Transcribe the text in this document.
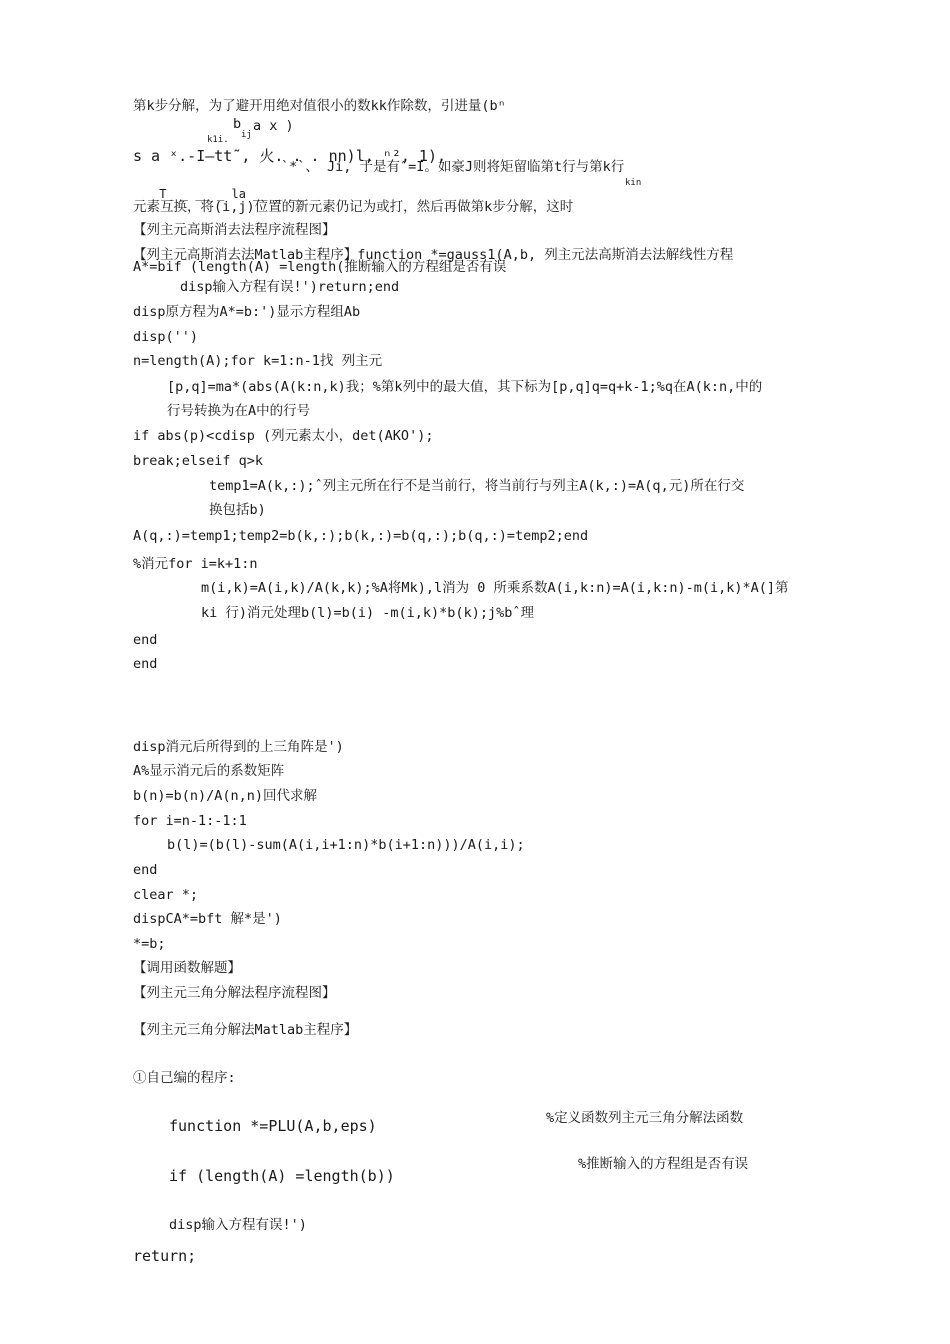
第k步分解，为了避开用绝对值很小的数kk作除数，引进量(bⁿ
k1i.
b
ij
a x )
s a ˣ.-I—tt˜, 火. . . nn)l, ⁿ², 1),
`*`、 Ji, 于是有″=I。如豪J则将矩留临第t行与第k行
kin
_T_ _ __ _ la __ _ __
元素互换，将(i,j)位置的新元素仍记为或打，然后再做第k步分解，这时
【列主元高斯消去法程序流程图】
【列主元高斯消去法Matlab主程序】function *=gauss1(A,b, 列主元法高斯消去法解线性方程
A*=bif (length(A) =length(推断输入的方程组是否有误
disp输入方程有误!')return;end
disp原方程为A*=b:')显示方程组Ab
disp('')
n=length(A);for k=1:n-1找 列主元
[p,q]=ma*(abs(A(k:n,k)我；%第k列中的最大值，其下标为[p,q]q=q+k-1;%q在A(k:n,中的
行号转换为在A中的行号
if abs(p)<cdisp (列元素太小，det(AKO');
break;elseif q>k
temp1=A(k,:);ˆ列主元所在行不是当前行，将当前行与列主A(k,:)=A(q,元)所在行交
换包括b)
A(q,:)=temp1;temp2=b(k,:);b(k,:)=b(q,:);b(q,:)=temp2;end
%消元for i=k+1:n
m(i,k)=A(i,k)/A(k,k);%A将Mk),l消为 0 所乘系数A(i,k:n)=A(i,k:n)-m(i,k)*A(]第
ki 行)消元处理b(l)=b(i) -m(i,k)*b(k);j%bˆ理
end
end
disp消元后所得到的上三角阵是')
A%显示消元后的系数矩阵
b(n)=b(n)/A(n,n)回代求解
for i=n-1:-1:1
b(l)=(b(l)-sum(A(i,i+1:n)*b(i+1:n)))/A(i,i);
end
clear *;
dispCA*=bft 解*是')
*=b;
【调用函数解题】
【列主元三角分解法程序流程图】
【列主元三角分解法Matlab主程序】
①自己编的程序:
function *=PLU(A,b,eps)	%定义函数列主元三角分解法函数
if (length(A) =length(b))
%推断输入的方程组是否有误
disp输入方程有误!')
return;
